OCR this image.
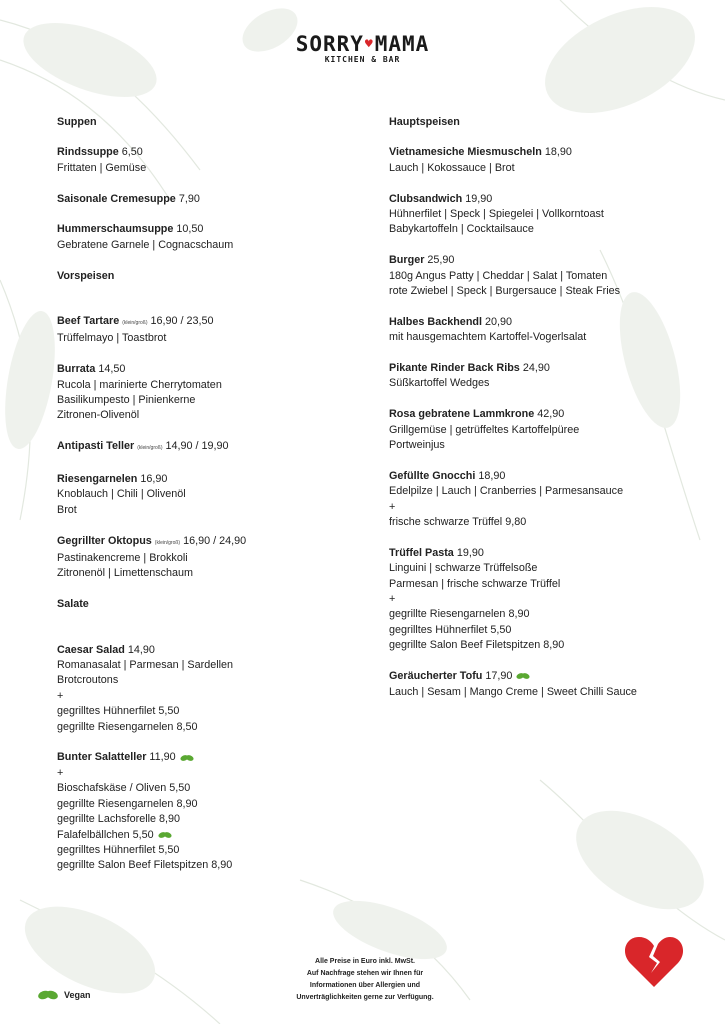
SORRY♥MAMA
KITCHEN & BAR
Suppen
Rindssuppe 6,50
Frittaten | Gemüse
Saisonale Cremesuppe 7,90
Hummerschaumsuppe 10,50
Gebratene Garnele | Cognacschaum
Vorspeisen
Beef Tartare (klein/groß) 16,90 / 23,50
Trüffelmayo | Toastbrot
Burrata 14,50
Rucola | marinierte Cherrytomaten
Basilikumpesto | Pinienkerne
Zitronen-Olivenöl
Antipasti Teller (klein/groß) 14,90 / 19,90
Riesengarnelen 16,90
Knoblauch | Chili | Olivenöl
Brot
Gegrillter Oktopus (klein/groß) 16,90 / 24,90
Pastinakencreme | Brokkoli
Zitronenöl | Limettenschaum
Salate
Caesar Salad 14,90
Romanasalat | Parmesan | Sardellen
Brotcroutons
+
gegrilltes Hühnerfilet 5,50
gegrillte Riesengarnelen 8,50
Bunter Salatteller 11,90
+
Bioschafskäse / Oliven 5,50
gegrillte Riesengarnelen 8,90
gegrillte Lachsforelle 8,90
Falafelbällchen 5,50
gegrilltes Hühnerfilet 5,50
gegrillte Salon Beef Filetspitzen 8,90
Hauptspeisen
Vietnamesiche Miesmuscheln 18,90
Lauch | Kokossauce | Brot
Clubsandwich 19,90
Hühnerfilet | Speck | Spiegelei | Vollkorntoast
Babykartoffeln | Cocktailsauce
Burger 25,90
180g Angus Patty | Cheddar | Salat | Tomaten
rote Zwiebel | Speck | Burgersauce | Steak Fries
Halbes Backhendl 20,90
mit hausgemachtem Kartoffel-Vogerlsalat
Pikante Rinder Back Ribs 24,90
Süßkartoffel Wedges
Rosa gebratene Lammkrone 42,90
Grillgemüse | getrüffeltes Kartoffelpüree
Portweinjus
Gefüllte Gnocchi 18,90
Edelpilze | Lauch | Cranberries | Parmesansauce
+
frische schwarze Trüffel 9,80
Trüffel Pasta 19,90
Linguini | schwarze Trüffelsoße
Parmesan | frische schwarze Trüffel
+
gegrillte Riesengarnelen 8,90
gegrilltes Hühnerfilet 5,50
gegrillte Salon Beef Filetspitzen 8,90
Geräucherter Tofu 17,90
Lauch | Sesam | Mango Creme | Sweet Chilli Sauce
Vegan
Alle Preise in Euro inkl. MwSt.
Auf Nachfrage stehen wir Ihnen für
Informationen über Allergien und
Unverträglichkeiten gerne zur Verfügung.
